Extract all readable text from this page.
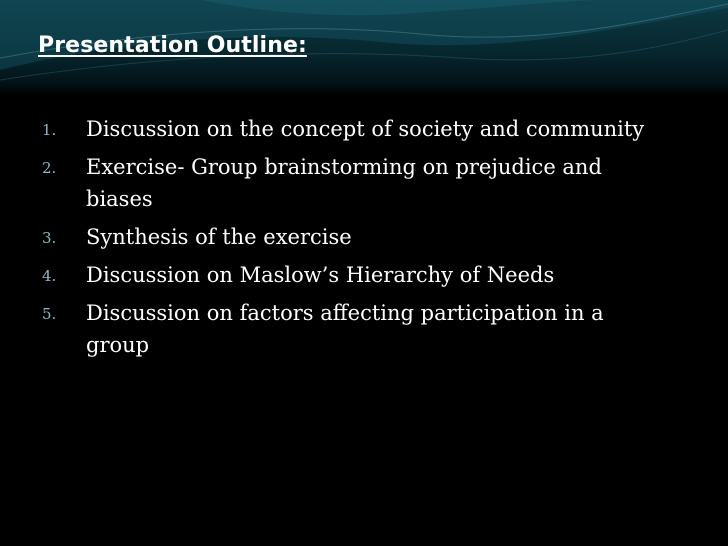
Presentation Outline:
1. Discussion on the concept of society and community
2. Exercise- Group brainstorming on prejudice and biases
3. Synthesis of the exercise
4. Discussion on Maslow’s Hierarchy of Needs
5. Discussion on factors affecting participation in a group
